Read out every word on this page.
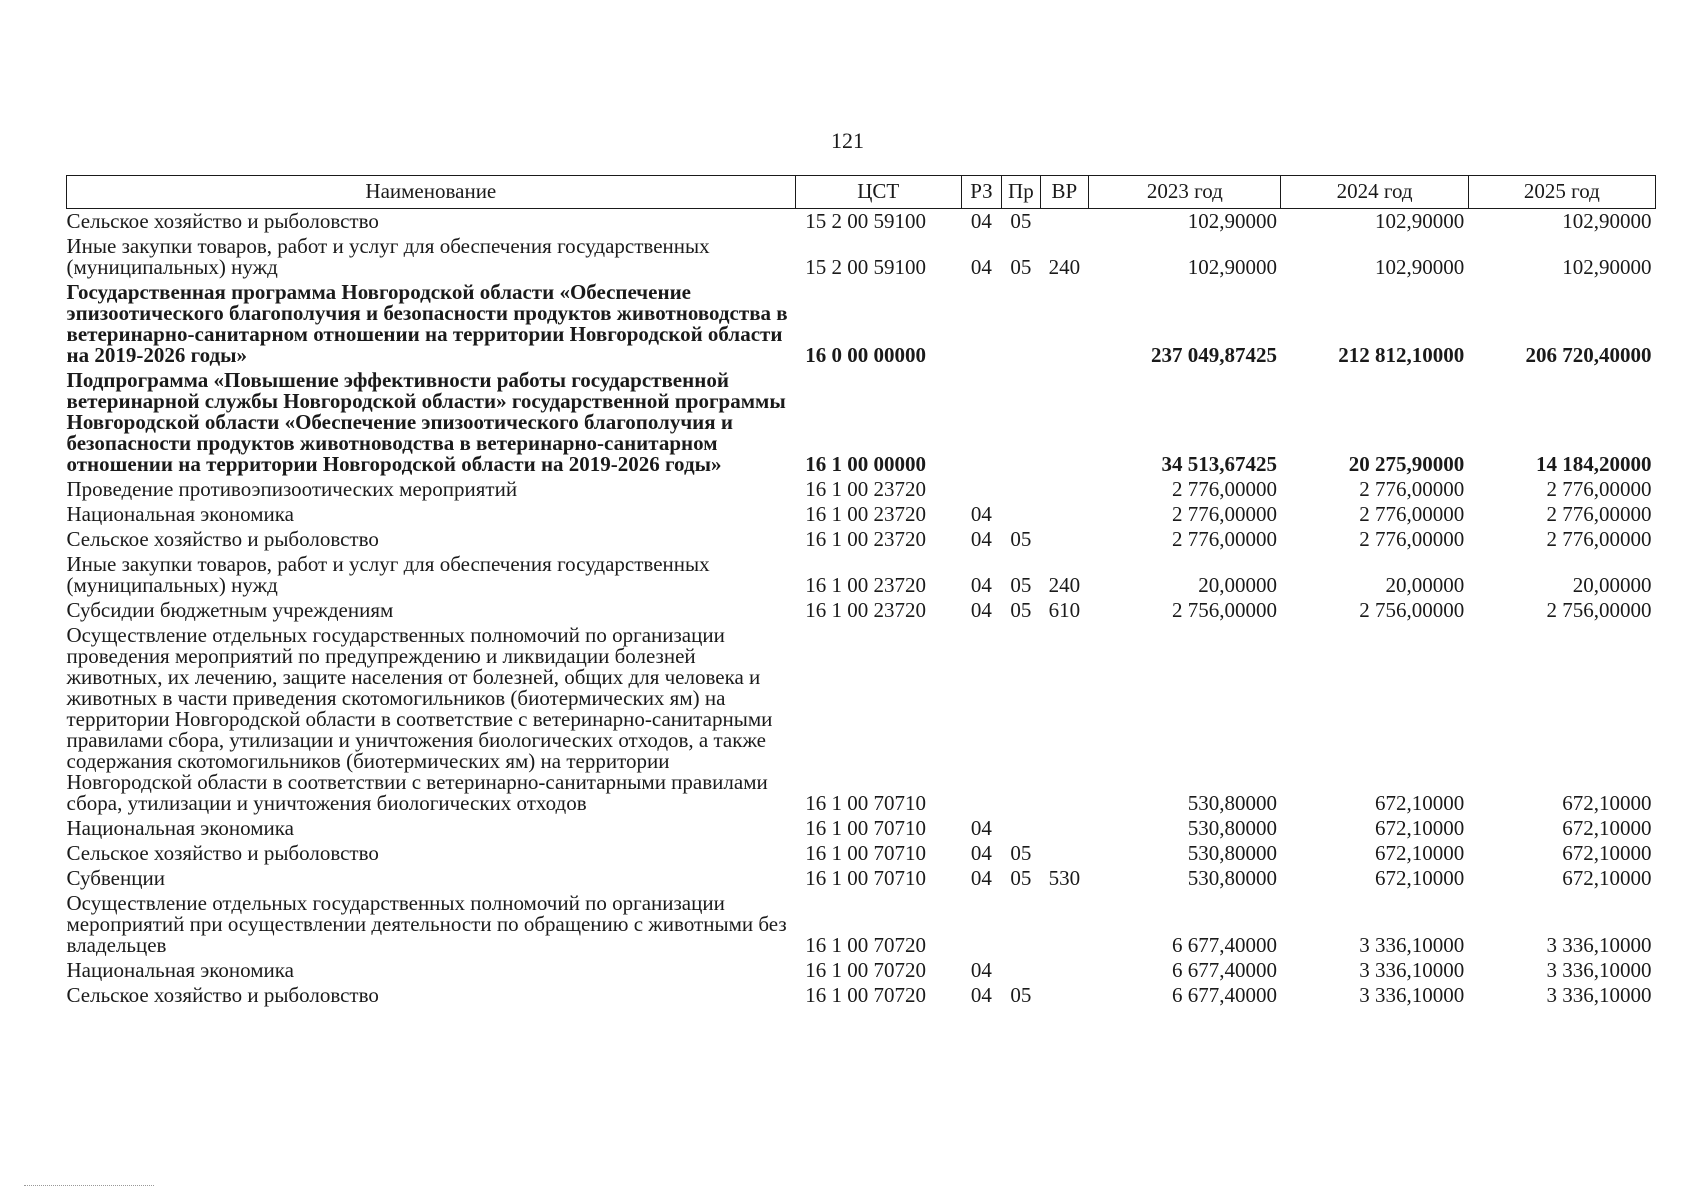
121
Наименование	ЦСТ	РЗ	Пр	ВР	2023 год	2024 год	2025 год
Сельское хозяйство и рыболовство	15 2 00 59100	04	05		102,90000	102,90000	102,90000
Иные закупки товаров, работ и услуг для обеспечения государственных (муниципальных) нужд	15 2 00 59100	04	05	240	102,90000	102,90000	102,90000
Государственная программа Новгородской области «Обеспечение эпизоотического благополучия и безопасности продуктов животноводства в ветеринарно-санитарном отношении на территории Новгородской области на 2019-2026 годы»	16 0 00 00000				237 049,87425	212 812,10000	206 720,40000
Подпрограмма «Повышение эффективности работы государственной ветеринарной службы Новгородской области» государственной программы Новгородской области «Обеспечение эпизоотического благополучия и безопасности продуктов животноводства в ветеринарно-санитарном отношении на территории Новгородской области на 2019-2026 годы»	16 1 00 00000				34 513,67425	20 275,90000	14 184,20000
Проведение противоэпизоотических мероприятий	16 1 00 23720				2 776,00000	2 776,00000	2 776,00000
Национальная экономика	16 1 00 23720	04			2 776,00000	2 776,00000	2 776,00000
Сельское хозяйство и рыболовство	16 1 00 23720	04	05		2 776,00000	2 776,00000	2 776,00000
Иные закупки товаров, работ и услуг для обеспечения государственных (муниципальных) нужд	16 1 00 23720	04	05	240	20,00000	20,00000	20,00000
Субсидии бюджетным учреждениям	16 1 00 23720	04	05	610	2 756,00000	2 756,00000	2 756,00000
Осуществление отдельных государственных полномочий по организации проведения мероприятий по предупреждению и ликвидации болезней животных, их лечению, защите населения от болезней, общих для человека и животных в части приведения скотомогильников (биотермических ям) на территории Новгородской области в соответствие с ветеринарно-санитарными правилами сбора, утилизации и уничтожения биологических отходов, а также содержания скотомогильников (биотермических ям) на территории Новгородской области в соответствии с ветеринарно-санитарными правилами сбора, утилизации и уничтожения биологических отходов	16 1 00 70710				530,80000	672,10000	672,10000
Национальная экономика	16 1 00 70710	04			530,80000	672,10000	672,10000
Сельское хозяйство и рыболовство	16 1 00 70710	04	05		530,80000	672,10000	672,10000
Субвенции	16 1 00 70710	04	05	530	530,80000	672,10000	672,10000
Осуществление отдельных государственных полномочий по организации мероприятий при осуществлении деятельности по обращению с животными без владельцев	16 1 00 70720				6 677,40000	3 336,10000	3 336,10000
Национальная экономика	16 1 00 70720	04			6 677,40000	3 336,10000	3 336,10000
Сельское хозяйство и рыболовство	16 1 00 70720	04	05		6 677,40000	3 336,10000	3 336,10000
